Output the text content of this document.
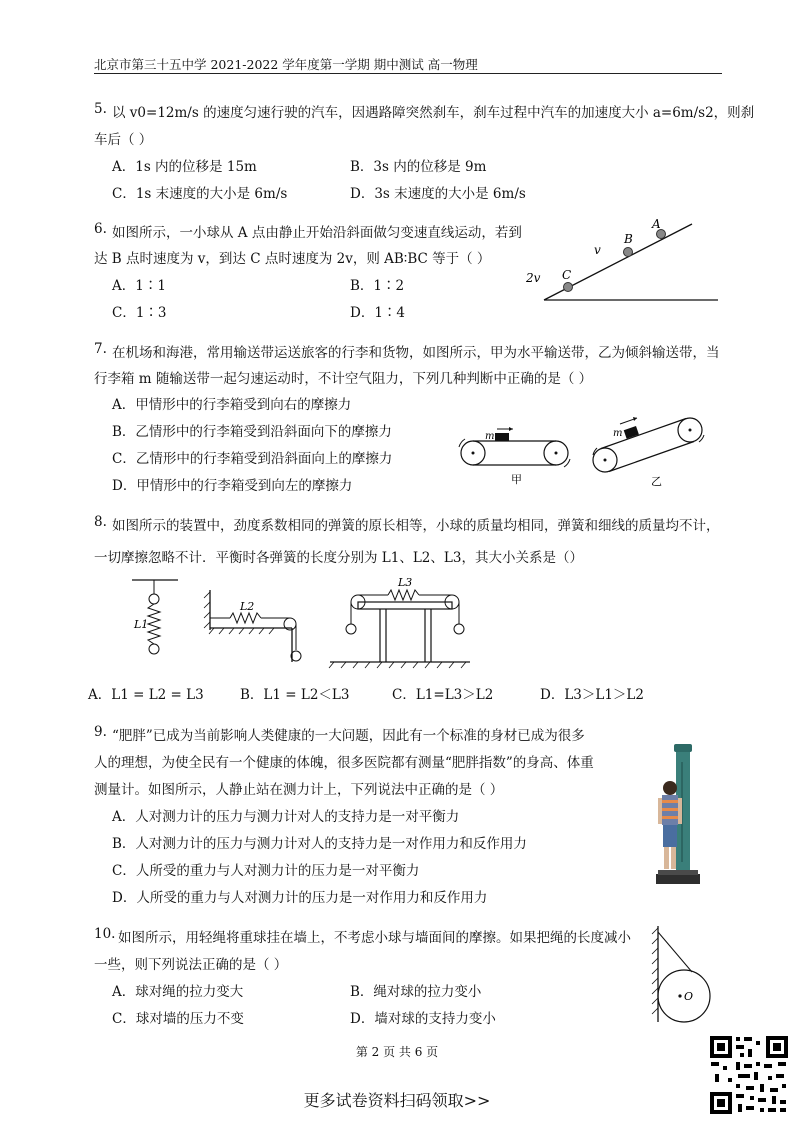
北京市第三十五中学 2021-2022 学年度第一学期 期中测试 高一物理
5. 以 v0=12m/s 的速度匀速行驶的汽车，因遇路障突然刹车，刹车过程中汽车的加速度大小 a=6m/s2，则刹
车后（ ）
A．1s 内的位移是 15m	B．3s 内的位移是 9m
C．1s 末速度的大小是 6m/s	D．3s 末速度的大小是 6m/s
6. 如图所示，一小球从 A 点由静止开始沿斜面做匀变速直线运动，若到
达 B 点时速度为 v，到达 C 点时速度为 2v，则 AB∶BC 等于（ ）
A．1∶1	B．1∶2
C．1∶3	D．1∶4
A
B
C
v
2v
7. 在机场和海港，常用输送带运送旅客的行李和货物，如图所示，甲为水平输送带，乙为倾斜输送带，当
行李箱 m 随输送带一起匀速运动时，不计空气阻力，下列几种判断中正确的是（ ）
A．甲情形中的行李箱受到向右的摩擦力
B．乙情形中的行李箱受到沿斜面向下的摩擦力
C．乙情形中的行李箱受到沿斜面向上的摩擦力
D．甲情形中的行李箱受到向左的摩擦力
m
甲
m
乙
8. 如图所示的装置中，劲度系数相同的弹簧的原长相等，小球的质量均相同，弹簧和细线的质量均不计，
一切摩擦忽略不计．平衡时各弹簧的长度分别为 L1、L2、L3，其大小关系是（）
L1
L2
L3
A．L1 = L2 = L3	B．L1 = L2＜L3	C．L1=L3＞L2	D．L3＞L1＞L2
9. “肥胖”已成为当前影响人类健康的一大问题，因此有一个标准的身材已成为很多
人的理想，为使全民有一个健康的体魄，很多医院都有测量“肥胖指数”的身高、体重
测量计。如图所示，人静止站在测力计上，下列说法中正确的是（ ）
A．人对测力计的压力与测力计对人的支持力是一对平衡力
B．人对测力计的压力与测力计对人的支持力是一对作用力和反作用力
C．人所受的重力与人对测力计的压力是一对平衡力
D．人所受的重力与人对测力计的压力是一对作用力和反作用力
10. 如图所示，用轻绳将重球挂在墙上，不考虑小球与墙面间的摩擦。如果把绳的长度减小
一些，则下列说法正确的是（ ）
A．球对绳的拉力变大	B．绳对球的拉力变小
C．球对墙的压力不变	D．墙对球的支持力变小
O
第 2 页 共 6 页
更多试卷资料扫码领取>>
